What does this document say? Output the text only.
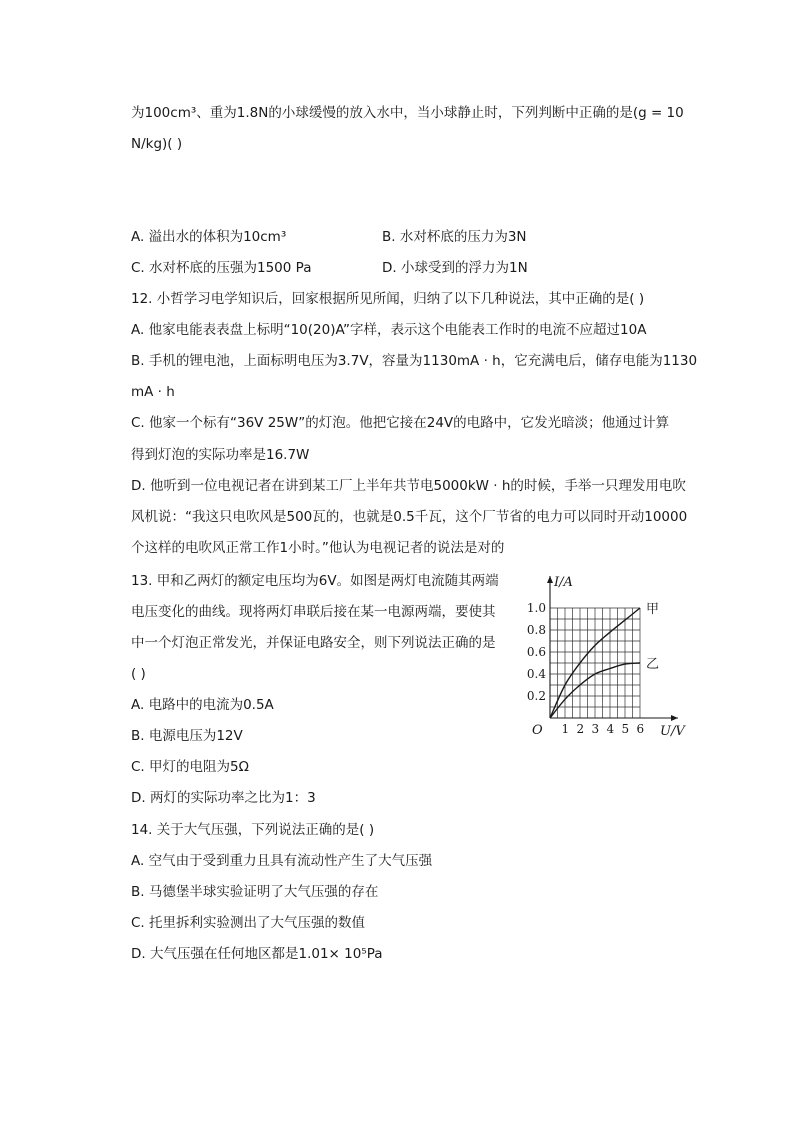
为100cm³、重为1.8N的小球缓慢的放入水中，当小球静止时，下列判断中正确的是(g = 10
N/kg)( )
A. 溢出水的体积为10cm³	B. 水对杯底的压力为3N
C. 水对杯底的压强为1500 Pa	D. 小球受到的浮力为1N
12. 小哲学习电学知识后，回家根据所见所闻，归纳了以下几种说法，其中正确的是( )
A. 他家电能表表盘上标明“10(20)A”字样，表示这个电能表工作时的电流不应超过10A
B. 手机的锂电池，上面标明电压为3.7V，容量为1130mA · h，它充满电后，储存电能为1130
mA · h
C. 他家一个标有“36V 25W”的灯泡。他把它接在24V的电路中，它发光暗淡；他通过计算
得到灯泡的实际功率是16.7W
D. 他听到一位电视记者在讲到某工厂上半年共节电5000kW · h的时候，手举一只理发用电吹
风机说：“我这只电吹风是500瓦的，也就是0.5千瓦，这个厂节省的电力可以同时开动10000
个这样的电吹风正常工作1小时。”他认为电视记者的说法是对的
13. 甲和乙两灯的额定电压均为6V。如图是两灯电流随其两端
电压变化的曲线。现将两灯串联后接在某一电源两端，要使其
中一个灯泡正常发光，并保证电路安全，则下列说法正确的是
( )
A. 电路中的电流为0.5A
B. 电源电压为12V
C. 甲灯的电阻为5Ω
D. 两灯的实际功率之比为1：3
1 2 3 4 5 6
0.2
0.4
0.6
0.8
1.0
O
I/A
U/V
甲
乙
14. 关于大气压强，下列说法正确的是( )
A. 空气由于受到重力且具有流动性产生了大气压强
B. 马德堡半球实验证明了大气压强的存在
C. 托里拆利实验测出了大气压强的数值
D. 大气压强在任何地区都是1.01× 10⁵Pa
